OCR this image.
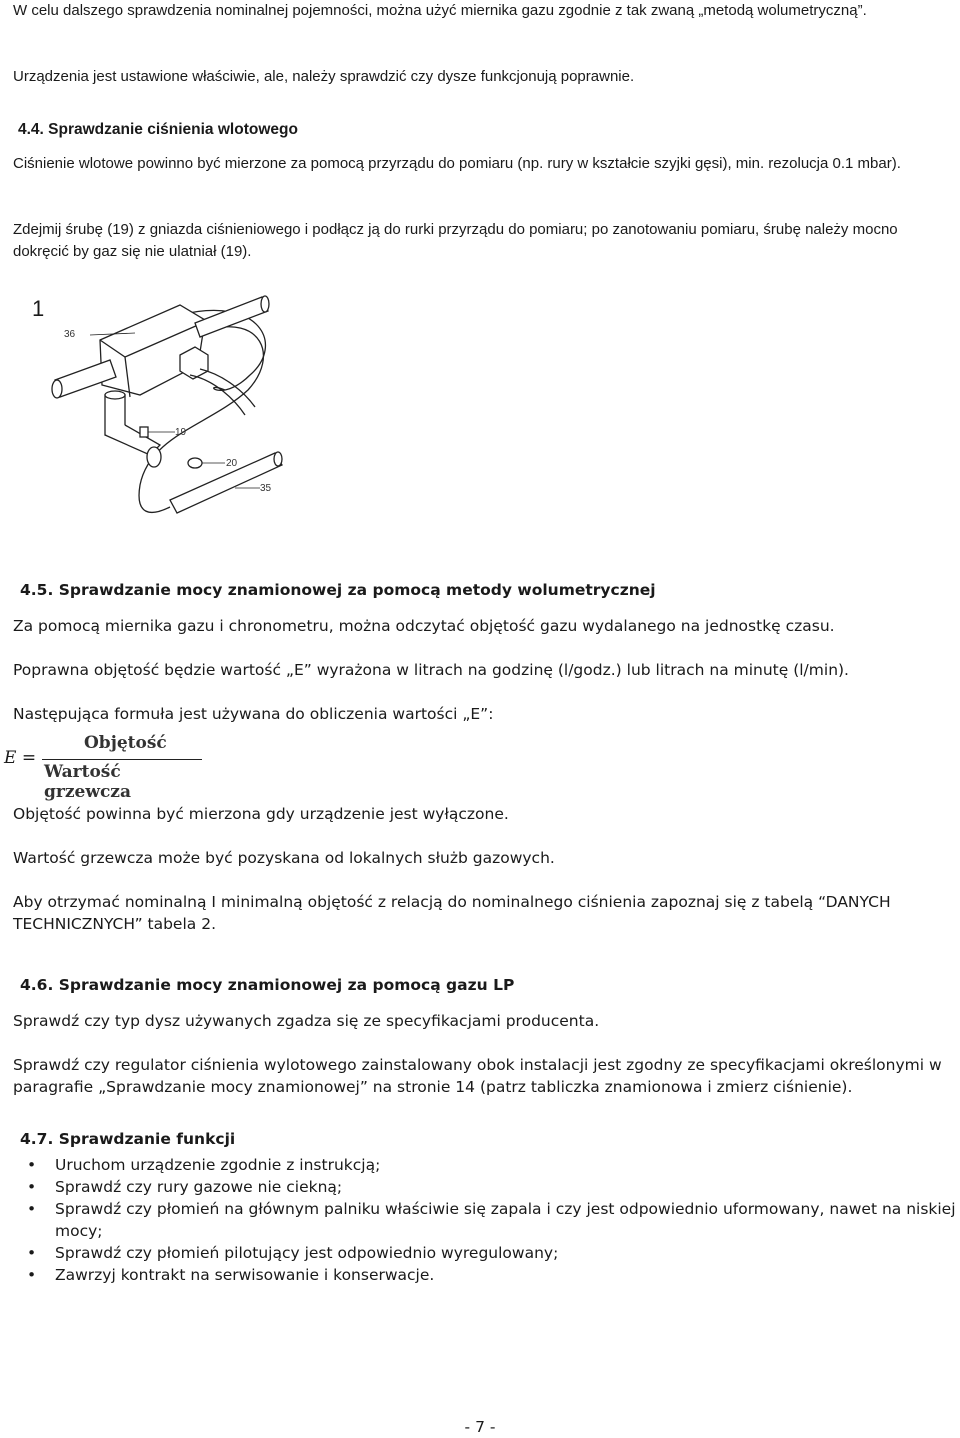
W celu dalszego sprawdzenia nominalnej pojemności, można użyć miernika gazu zgodnie z tak zwaną „metodą wolumetryczną”.

Urządzenia jest ustawione właściwie, ale, należy sprawdzić czy dysze funkcjonują poprawnie.

4.4. Sprawdzanie ciśnienia wlotowego

Ciśnienie wlotowe powinno być mierzone za pomocą przyrządu do pomiaru (np. rury w kształcie szyjki gęsi), min. rezolucja 0.1 mbar).

Zdejmij śrubę (19) z gniazda ciśnieniowego i podłącz ją do rurki przyrządu do pomiaru; po zanotowaniu pomiaru, śrubę należy mocno dokręcić by gaz się nie ulatniał (19).

1
36
19
20
35

4.5. Sprawdzanie mocy znamionowej za pomocą metody wolumetrycznej

Za pomocą miernika gazu i chronometru, można odczytać objętość gazu wydalanego na jednostkę czasu.

Poprawna objętość będzie wartość „E” wyrażona w litrach na godzinę (l/godz.) lub litrach na minutę (l/min).

Następująca formuła jest używana do obliczenia wartości „E”:

E =
Objętość
Wartość grzewcza

Objętość powinna być mierzona gdy urządzenie jest wyłączone.

Wartość grzewcza może być pozyskana od lokalnych służb gazowych.

Aby otrzymać nominalną I minimalną objętość z relacją do nominalnego ciśnienia zapoznaj się z tabelą “DANYCH TECHNICZNYCH” tabela 2.

4.6. Sprawdzanie mocy znamionowej za pomocą gazu LP

Sprawdź czy typ dysz używanych zgadza się ze specyfikacjami producenta.

Sprawdź czy regulator ciśnienia wylotowego zainstalowany obok instalacji jest zgodny ze specyfikacjami określonymi w paragrafie „Sprawdzanie mocy znamionowej” na stronie 14 (patrz tabliczka znamionowa i zmierz ciśnienie).

4.7. Sprawdzanie funkcji

• Uruchom urządzenie zgodnie z instrukcją;
• Sprawdź czy rury gazowe nie ciekną;
• Sprawdź czy płomień na głównym palniku właściwie się zapala i czy jest odpowiednio uformowany, nawet na niskiej mocy;
• Sprawdź czy płomień pilotujący jest odpowiednio wyregulowany;
• Zawrzyj kontrakt na serwisowanie i konserwacje.
- 7 -
